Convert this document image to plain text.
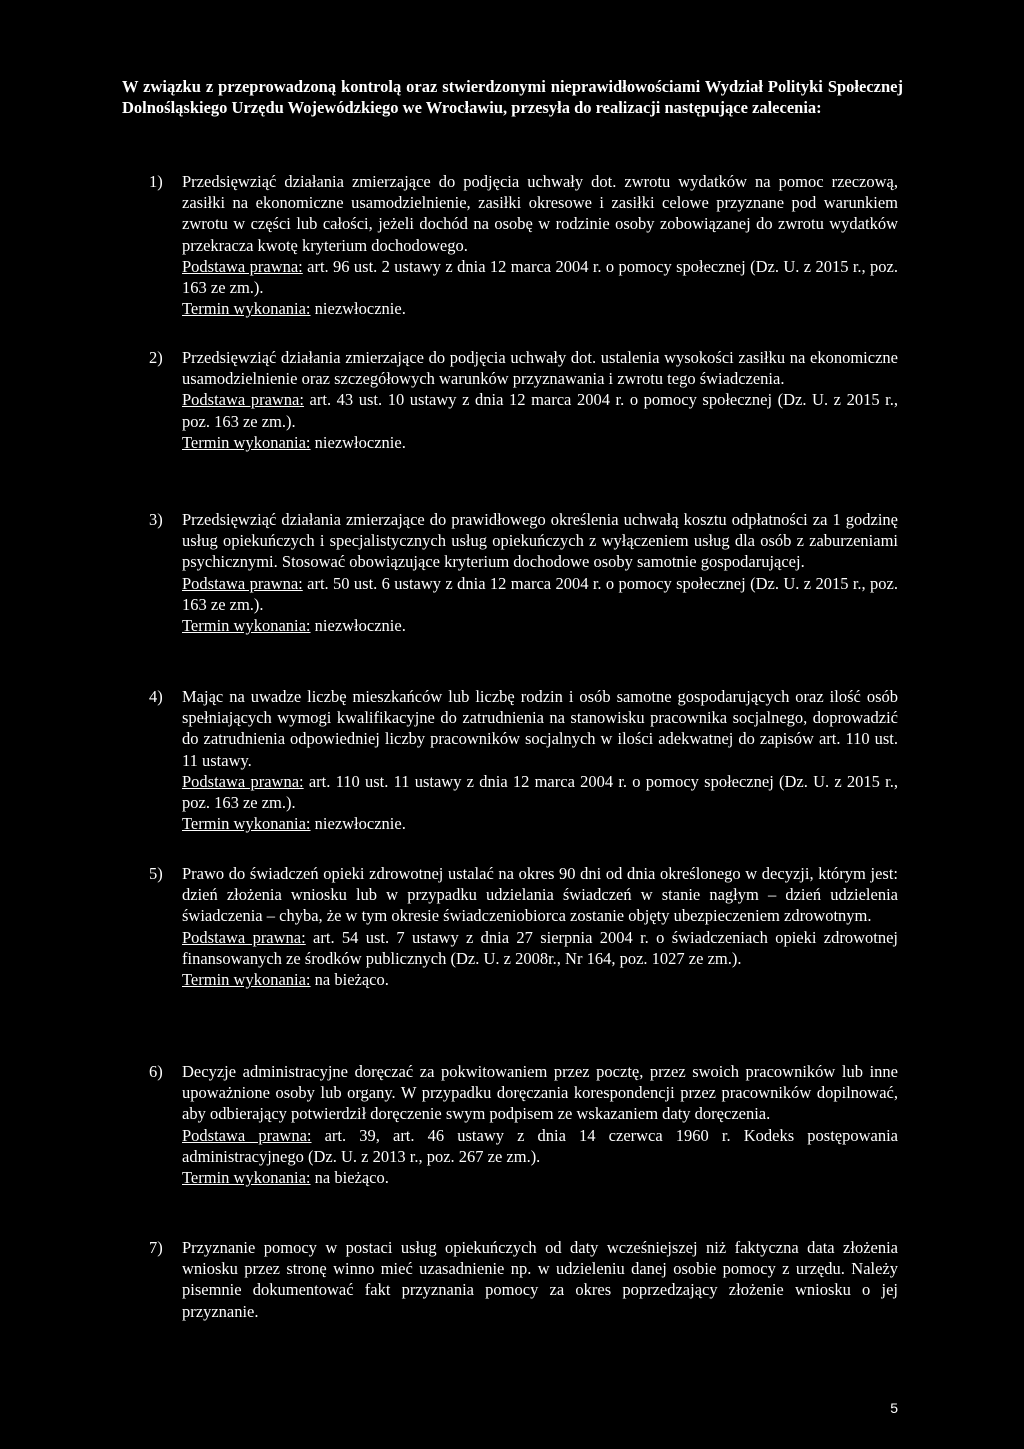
W związku z przeprowadzoną kontrolą oraz stwierdzonymi nieprawidłowościami Wydział Polityki Społecznej Dolnośląskiego Urzędu Wojewódzkiego we Wrocławiu, przesyła do realizacji następujące zalecenia:
1)	Przedsięwziąć działania zmierzające do podjęcia uchwały dot. zwrotu wydatków na pomoc rzeczową, zasiłki na ekonomiczne usamodzielnienie, zasiłki okresowe i zasiłki celowe przyznane pod warunkiem zwrotu w części lub całości, jeżeli dochód na osobę w rodzinie osoby zobowiązanej do zwrotu wydatków przekracza kwotę kryterium dochodowego.

Podstawa prawna: art. 96 ust. 2 ustawy z dnia 12 marca 2004 r. o pomocy społecznej (Dz. U. z 2015 r., poz. 163 ze zm.).

Termin wykonania: niezwłocznie.

2)	Przedsięwziąć działania zmierzające do podjęcia uchwały dot. ustalenia wysokości zasiłku na ekonomiczne usamodzielnienie oraz szczegółowych warunków przyznawania i zwrotu tego świadczenia.

Podstawa prawna: art. 43 ust. 10 ustawy z dnia 12 marca 2004 r. o pomocy społecznej (Dz. U. z 2015 r., poz. 163 ze zm.).

Termin wykonania: niezwłocznie.

3)	Przedsięwziąć działania zmierzające do prawidłowego określenia uchwałą kosztu odpłatności za 1 godzinę usług opiekuńczych i specjalistycznych usług opiekuńczych z wyłączeniem usług dla osób z zaburzeniami psychicznymi. Stosować obowiązujące kryterium dochodowe osoby samotnie gospodarującej.

Podstawa prawna: art. 50 ust. 6 ustawy z dnia 12 marca 2004 r. o pomocy społecznej (Dz. U. z 2015 r., poz. 163 ze zm.).

Termin wykonania: niezwłocznie.

4)	Mając na uwadze liczbę mieszkańców lub liczbę rodzin i osób samotne gospodarujących oraz ilość osób spełniających wymogi kwalifikacyjne do zatrudnienia na stanowisku pracownika socjalnego, doprowadzić do zatrudnienia odpowiedniej liczby pracowników socjalnych w ilości adekwatnej do zapisów art. 110 ust. 11 ustawy.

Podstawa prawna: art. 110 ust. 11 ustawy z dnia 12 marca 2004 r. o pomocy społecznej (Dz. U. z 2015 r., poz. 163 ze zm.).

Termin wykonania: niezwłocznie.

5)	Prawo do świadczeń opieki zdrowotnej ustalać na okres 90 dni od dnia określonego w decyzji, którym jest: dzień złożenia wniosku lub w przypadku udzielania świadczeń w stanie nagłym – dzień udzielenia świadczenia – chyba, że w tym okresie świadczeniobiorca zostanie objęty ubezpieczeniem zdrowotnym.

Podstawa prawna: art. 54 ust. 7 ustawy z dnia 27 sierpnia 2004 r. o świadczeniach opieki zdrowotnej finansowanych ze środków publicznych (Dz. U. z 2008r., Nr 164, poz. 1027 ze zm.).

Termin wykonania: na bieżąco.

6)	Decyzje administracyjne doręczać za pokwitowaniem przez pocztę, przez swoich pracowników lub inne upoważnione osoby lub organy. W przypadku doręczania korespondencji przez pracowników dopilnować, aby odbierający potwierdził doręczenie swym podpisem ze wskazaniem daty doręczenia.

Podstawa prawna: art. 39, art. 46 ustawy z dnia 14 czerwca 1960 r. Kodeks postępowania administracyjnego (Dz. U. z 2013 r., poz. 267 ze zm.).

Termin wykonania: na bieżąco.

7)	Przyznanie pomocy w postaci usług opiekuńczych od daty wcześniejszej niż faktyczna data złożenia wniosku przez stronę winno mieć uzasadnienie np. w udzieleniu danej osobie pomocy z urzędu. Należy pisemnie dokumentować fakt przyznania pomocy za okres poprzedzający złożenie wniosku o jej przyznanie.

5
